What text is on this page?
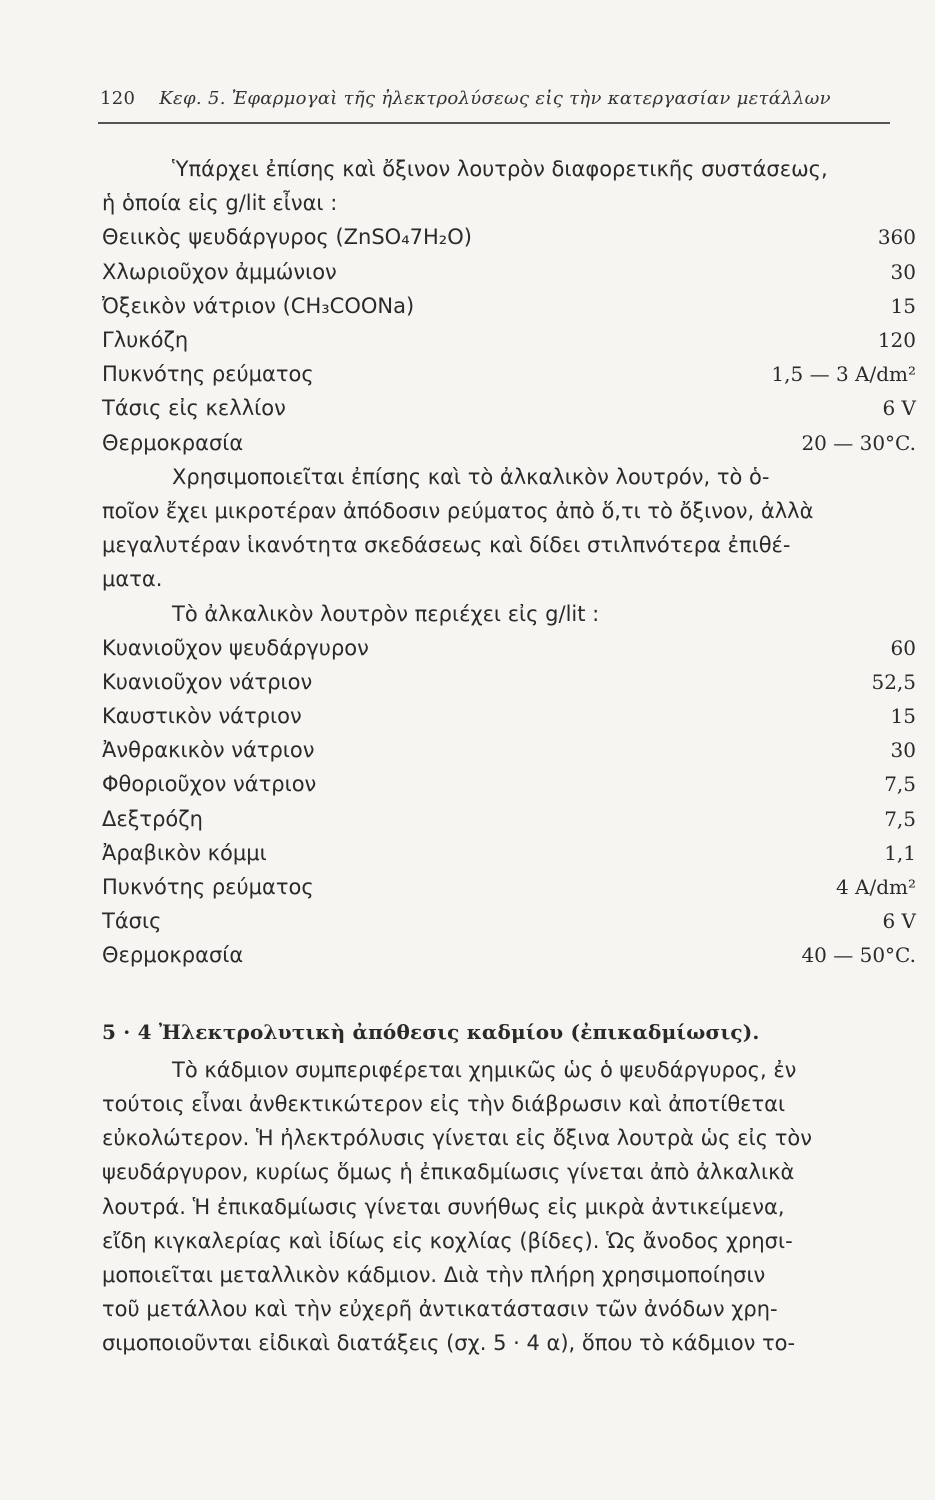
120 Κεφ. 5. Ἐφαρμογαὶ τῆς ἠλεκτρολύσεως εἰς τὴν κατεργασίαν μετάλλων

Ὑπάρχει ἐπίσης καὶ ὄξινον λουτρὸν διαφορετικῆς συστάσεως,

ἡ ὁποία εἰς g/lit εἶναι :

Θειικὸς ψευδάργυρος (ZnSO₄7H₂O)	360
Χλωριοῦχον ἀμμώνιον	30
Ὀξεικὸν νάτριον (CH₃COONa)	15
Γλυκόζη	120
Πυκνότης ρεύματος	1,5 — 3 A/dm²
Τάσις εἰς κελλίον	6 V
Θερμοκρασία	20 — 30°C.

Χρησιμοποιεῖται ἐπίσης καὶ τὸ ἀλκαλικὸν λουτρόν, τὸ ὁ-

ποῖον ἔχει μικροτέραν ἀπόδοσιν ρεύματος ἀπὸ ὅ,τι τὸ ὄξινον, ἀλλὰ

μεγαλυτέραν ἱκανότητα σκεδάσεως καὶ δίδει στιλπνότερα ἐπιθέ-

ματα.

Τὸ ἀλκαλικὸν λουτρὸν περιέχει εἰς g/lit :

Κυανιοῦχον ψευδάργυρον	60
Κυανιοῦχον νάτριον	52,5
Καυστικὸν νάτριον	15
Ἀνθρακικὸν νάτριον	30
Φθοριοῦχον νάτριον	7,5
Δεξτρόζη	7,5
Ἀραβικὸν κόμμι	1,1
Πυκνότης ρεύματος	4 A/dm²
Τάσις	6 V
Θερμοκρασία	40 — 50°C.
5 · 4 Ἠλεκτρολυτικὴ ἀπόθεσις καδμίου (ἐπικαδμίωσις).

Τὸ κάδμιον συμπεριφέρεται χημικῶς ὡς ὁ ψευδάργυρος, ἐν

τούτοις εἶναι ἀνθεκτικώτερον εἰς τὴν διάβρωσιν καὶ ἀποτίθεται

εὐκολώτερον. Ἡ ἠλεκτρόλυσις γίνεται εἰς ὄξινα λουτρὰ ὡς εἰς τὸν

ψευδάργυρον, κυρίως ὅμως ἡ ἐπικαδμίωσις γίνεται ἀπὸ ἀλκαλικὰ

λουτρά. Ἡ ἐπικαδμίωσις γίνεται συνήθως εἰς μικρὰ ἀντικείμενα,

εἴδη κιγκαλερίας καὶ ἰδίως εἰς κοχλίας (βίδες). Ὡς ἄνοδος χρησι-

μοποιεῖται μεταλλικὸν κάδμιον. Διὰ τὴν πλήρη χρησιμοποίησιν

τοῦ μετάλλου καὶ τὴν εὐχερῆ ἀντικατάστασιν τῶν ἀνόδων χρη-

σιμοποιοῦνται εἰδικαὶ διατάξεις (σχ. 5 · 4 α), ὅπου τὸ κάδμιον το-
